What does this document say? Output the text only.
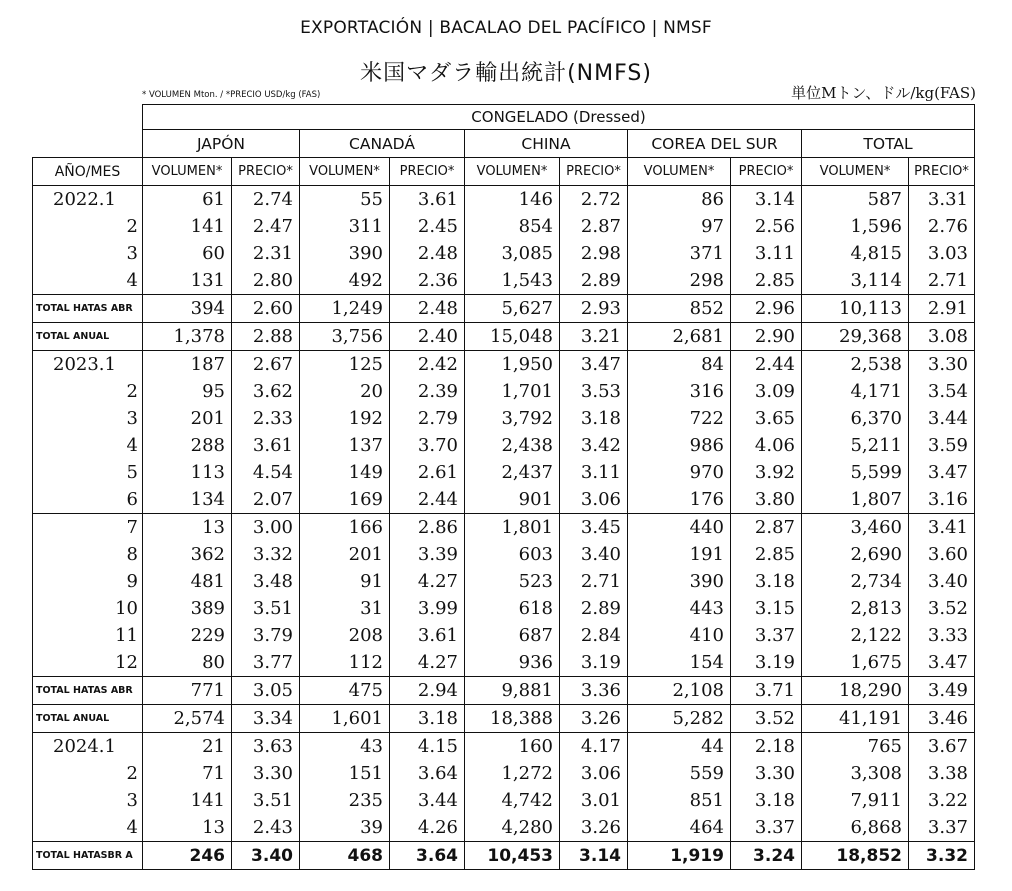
EXPORTACIÓN | BACALAO DEL PACÍFICO | NMSF
米国マダラ輸出統計(NMFS)
* VOLUMEN Mton. / *PRECIO USD/kg (FAS)	単位Mトン、ドル/kg(FAS)
	CONGELADO (Dressed)									
	JAPÓN		CANADÁ		CHINA		COREA DEL SUR		TOTAL	
AÑO/MES	VOLUMEN*	PRECIO*	VOLUMEN*	PRECIO*	VOLUMEN*	PRECIO*	VOLUMEN*	PRECIO*	VOLUMEN*	PRECIO*
2022.1	61	2.74	55	3.61	146	2.72	86	3.14	587	3.31
2	141	2.47	311	2.45	854	2.87	97	2.56	1,596	2.76
3	60	2.31	390	2.48	3,085	2.98	371	3.11	4,815	3.03
4	131	2.80	492	2.36	1,543	2.89	298	2.85	3,114	2.71
TOTAL HATAS ABR	394	2.60	1,249	2.48	5,627	2.93	852	2.96	10,113	2.91
TOTAL ANUAL	1,378	2.88	3,756	2.40	15,048	3.21	2,681	2.90	29,368	3.08
2023.1	187	2.67	125	2.42	1,950	3.47	84	2.44	2,538	3.30
2	95	3.62	20	2.39	1,701	3.53	316	3.09	4,171	3.54
3	201	2.33	192	2.79	3,792	3.18	722	3.65	6,370	3.44
4	288	3.61	137	3.70	2,438	3.42	986	4.06	5,211	3.59
5	113	4.54	149	2.61	2,437	3.11	970	3.92	5,599	3.47
6	134	2.07	169	2.44	901	3.06	176	3.80	1,807	3.16
7	13	3.00	166	2.86	1,801	3.45	440	2.87	3,460	3.41
8	362	3.32	201	3.39	603	3.40	191	2.85	2,690	3.60
9	481	3.48	91	4.27	523	2.71	390	3.18	2,734	3.40
10	389	3.51	31	3.99	618	2.89	443	3.15	2,813	3.52
11	229	3.79	208	3.61	687	2.84	410	3.37	2,122	3.33
12	80	3.77	112	4.27	936	3.19	154	3.19	1,675	3.47
TOTAL HATAS ABR	771	3.05	475	2.94	9,881	3.36	2,108	3.71	18,290	3.49
TOTAL ANUAL	2,574	3.34	1,601	3.18	18,388	3.26	5,282	3.52	41,191	3.46
2024.1	21	3.63	43	4.15	160	4.17	44	2.18	765	3.67
2	71	3.30	151	3.64	1,272	3.06	559	3.30	3,308	3.38
3	141	3.51	235	3.44	4,742	3.01	851	3.18	7,911	3.22
4	13	2.43	39	4.26	4,280	3.26	464	3.37	6,868	3.37
TOTAL HATASBR A	246	3.40	468	3.64	10,453	3.14	1,919	3.24	18,852	3.32
